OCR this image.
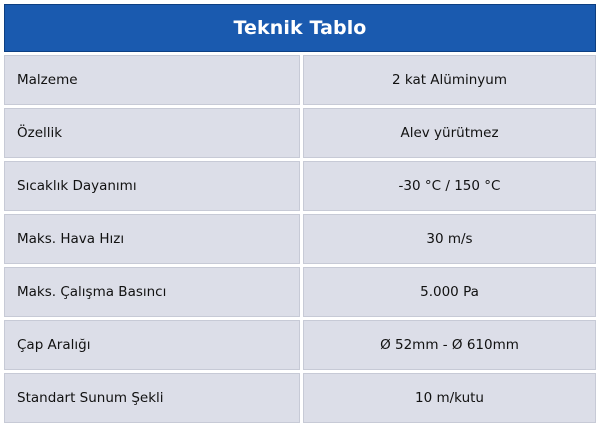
Teknik Tablo
Malzeme	2 kat Alüminyum
Özellik	Alev yürütmez
Sıcaklık Dayanımı	-30 °C / 150 °C
Maks. Hava Hızı	30 m/s
Maks. Çalışma Basıncı	5.000 Pa
Çap Aralığı	Ø 52mm - Ø 610mm
Standart Sunum Şekli	10 m/kutu
